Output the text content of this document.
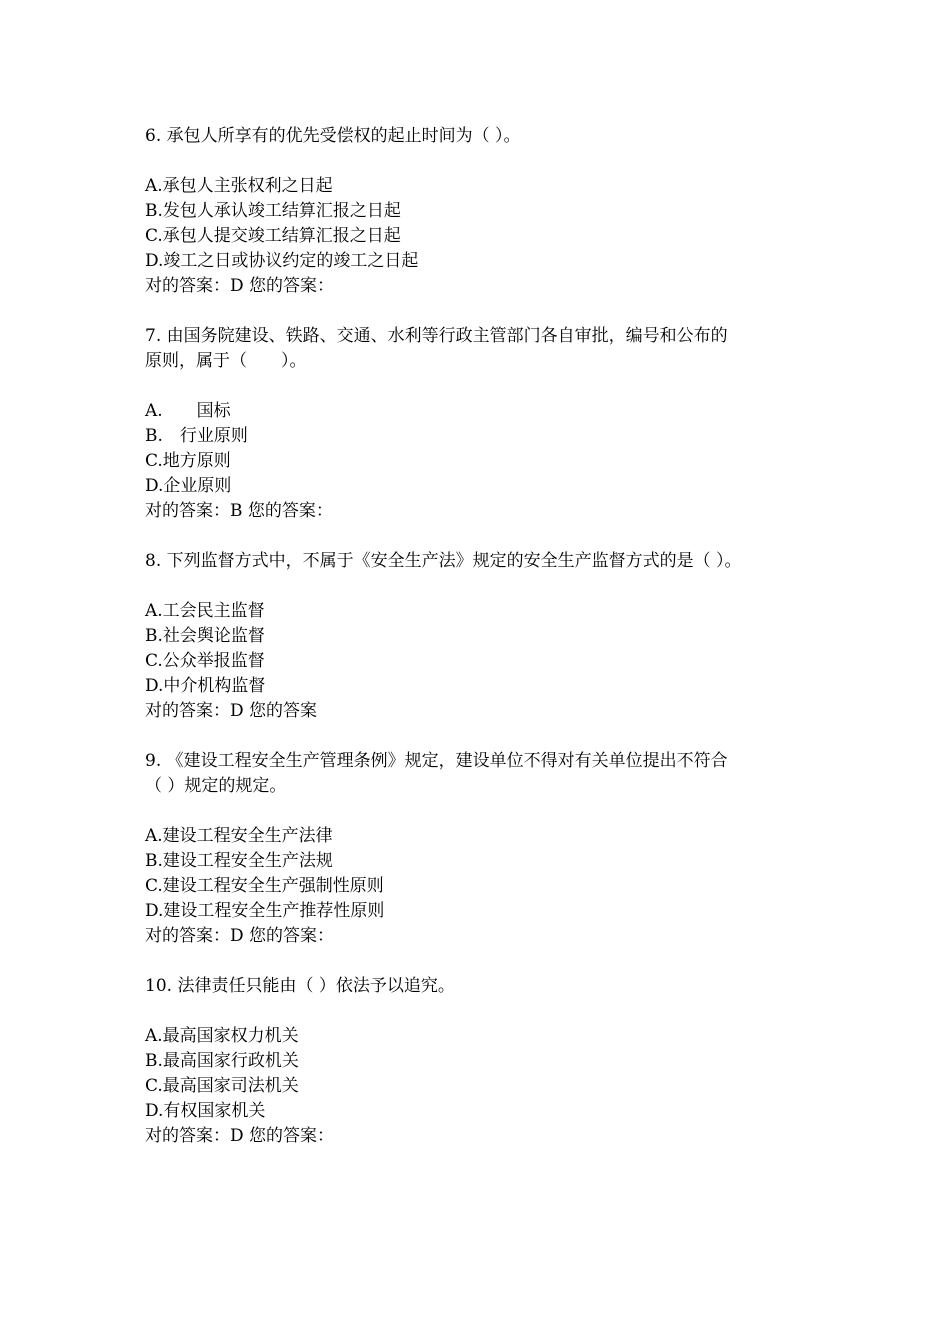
6. 承包人所享有的优先受偿权的起止时间为（ ）。
A.承包人主张权利之日起
B.发包人承认竣工结算汇报之日起
C.承包人提交竣工结算汇报之日起
D.竣工之日或协议约定的竣工之日起
对的答案：D 您的答案：
7. 由国务院建设、铁路、交通、水利等行政主管部门各自审批，编号和公布的
原则，属于（　　）。
A.　　国标
B.　行业原则
C.地方原则
D.企业原则
对的答案：B 您的答案：
8. 下列监督方式中，不属于《安全生产法》规定的安全生产监督方式的是（ ）。
A.工会民主监督
B.社会舆论监督
C.公众举报监督
D.中介机构监督
对的答案：D 您的答案
9. 《建设工程安全生产管理条例》规定，建设单位不得对有关单位提出不符合
（ ）规定的规定。
A.建设工程安全生产法律
B.建设工程安全生产法规
C.建设工程安全生产强制性原则
D.建设工程安全生产推荐性原则
对的答案：D 您的答案：
10. 法律责任只能由（ ）依法予以追究。
A.最高国家权力机关
B.最高国家行政机关
C.最高国家司法机关
D.有权国家机关
对的答案：D 您的答案：
